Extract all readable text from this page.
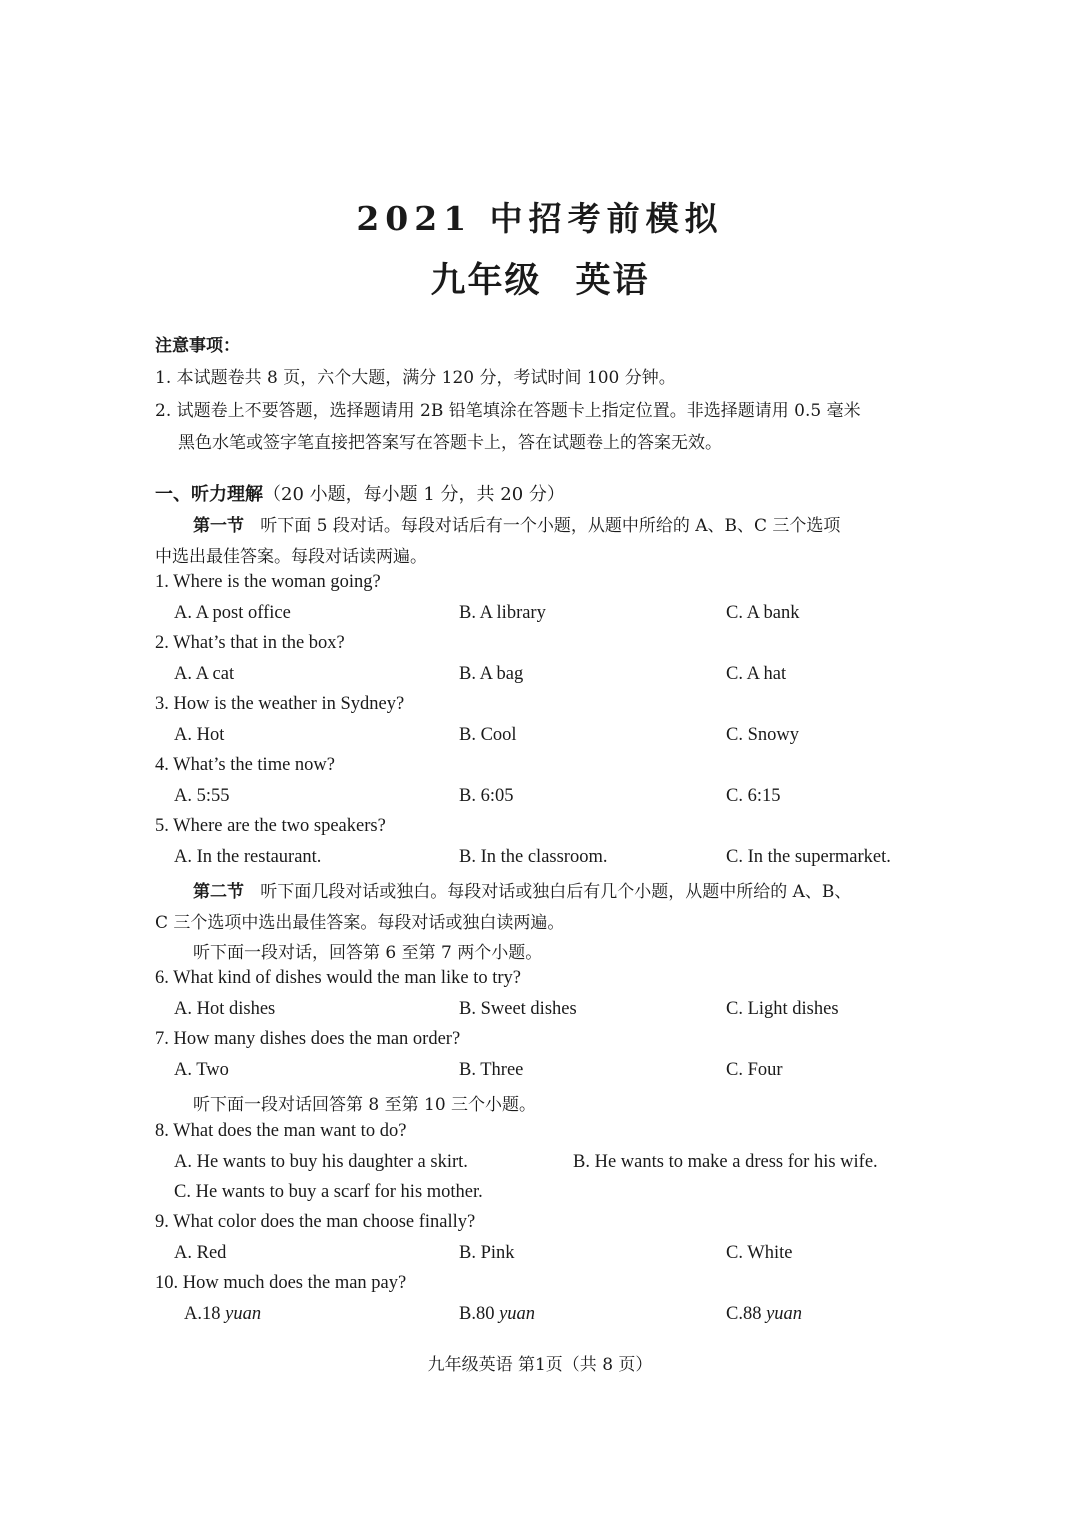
2021 中招考前模拟
九年级 英语
注意事项：
1. 本试题卷共 8 页，六个大题，满分 120 分，考试时间 100 分钟。
2. 试题卷上不要答题，选择题请用 2B 铅笔填涂在答题卡上指定位置。非选择题请用 0.5 毫米
黑色水笔或签字笔直接把答案写在答题卡上，答在试题卷上的答案无效。
一、听力理解（20 小题，每小题 1 分，共 20 分）
第一节 听下面 5 段对话。每段对话后有一个小题，从题中所给的 A、B、C 三个选项
中选出最佳答案。每段对话读两遍。
1. Where is the woman going?
A. A post office	B. A library	C. A bank
2. What’s that in the box?
A. A cat	B. A bag	C. A hat
3. How is the weather in Sydney?
A. Hot	B. Cool	C. Snowy
4. What’s the time now?
A. 5:55	B. 6:05	C. 6:15
5. Where are the two speakers?
A. In the restaurant.	B. In the classroom.	C. In the supermarket.
第二节 听下面几段对话或独白。每段对话或独白后有几个小题，从题中所给的 A、B、
C 三个选项中选出最佳答案。每段对话或独白读两遍。
听下面一段对话，回答第 6 至第 7 两个小题。
6. What kind of dishes would the man like to try?
A. Hot dishes	B. Sweet dishes	C. Light dishes
7. How many dishes does the man order?
A. Two	B. Three	C. Four
听下面一段对话回答第 8 至第 10 三个小题。
8. What does the man want to do?
A. He wants to buy his daughter a skirt.	B. He wants to make a dress for his wife.
C. He wants to buy a scarf for his mother.
9. What color does the man choose finally?
A. Red	B. Pink	C. White
10. How much does the man pay?
A.18 yuan	B.80 yuan	C.88 yuan
九年级英语 第1页（共 8 页）
